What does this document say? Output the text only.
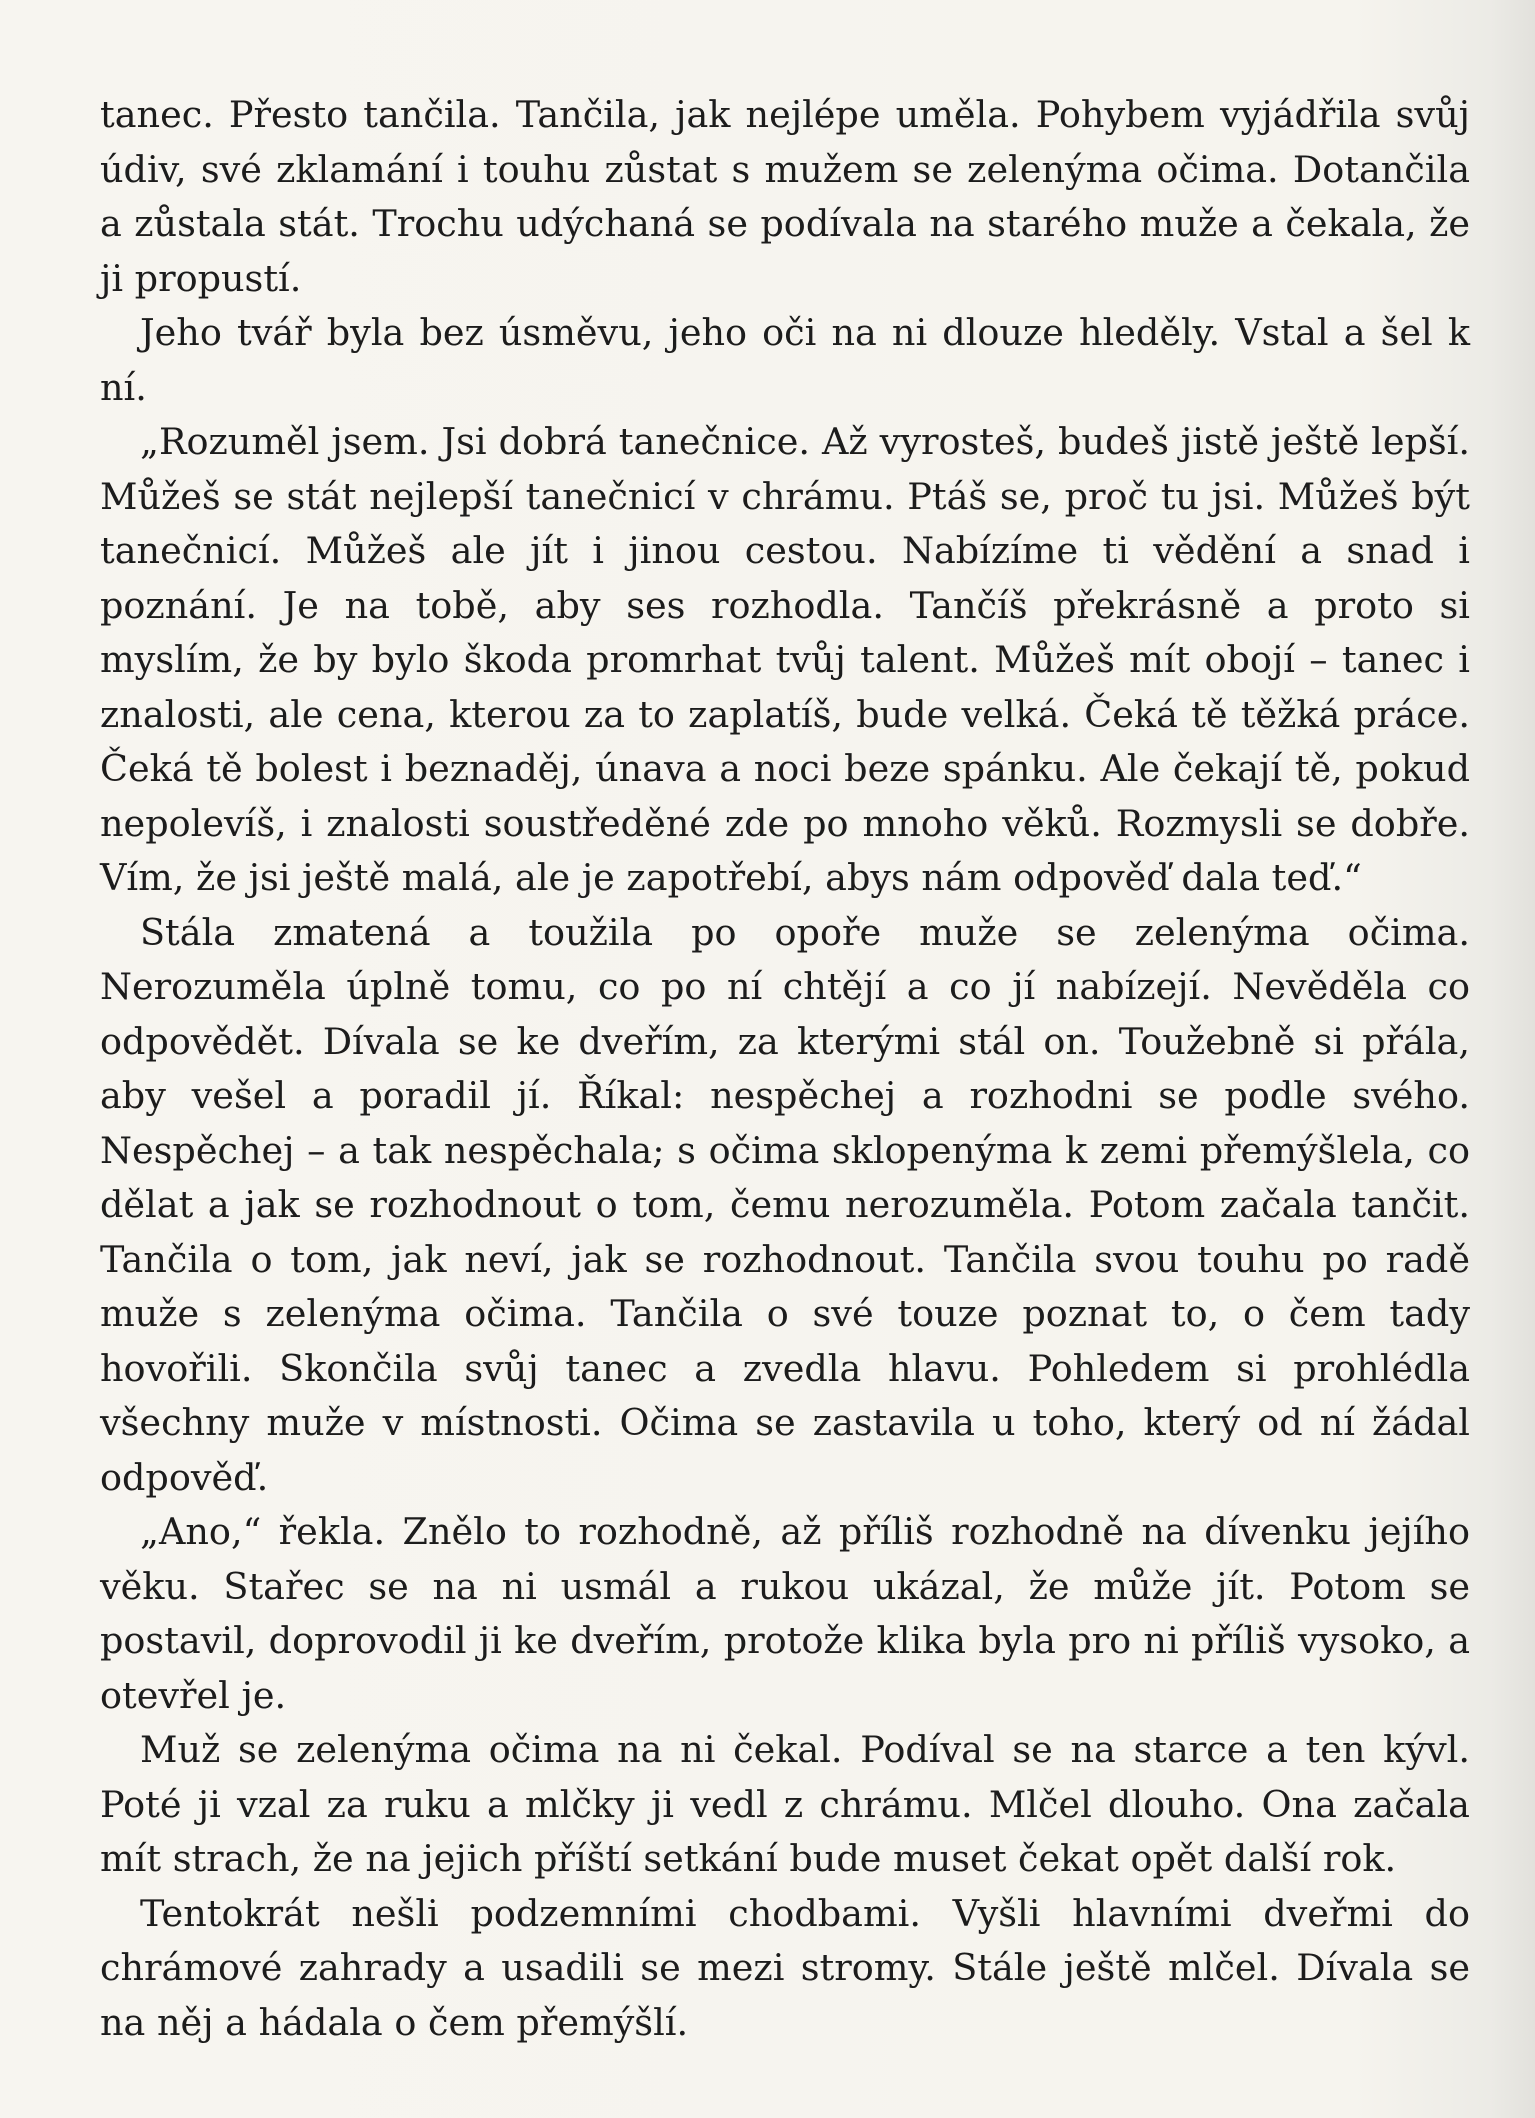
tanec. Přesto tančila. Tančila, jak nejlépe uměla. Pohybem vyjádřila svůj údiv, své zklamání i touhu zůstat s mužem se zelenýma očima. Dotančila a zůstala stát. Trochu udýchaná se podívala na starého muže a čekala, že ji propustí.

Jeho tvář byla bez úsměvu, jeho oči na ni dlouze hleděly. Vstal a šel k ní.

„Rozuměl jsem. Jsi dobrá tanečnice. Až vyrosteš, budeš jistě ještě lepší. Můžeš se stát nejlepší tanečnicí v chrámu. Ptáš se, proč tu jsi. Můžeš být tanečnicí. Můžeš ale jít i jinou cestou. Nabízíme ti vědění a snad i poznání. Je na tobě, aby ses rozhodla. Tančíš překrásně a proto si myslím, že by bylo škoda promrhat tvůj talent. Můžeš mít obojí – tanec i znalosti, ale cena, kterou za to zaplatíš, bude velká. Čeká tě těžká práce. Čeká tě bolest i beznaděj, únava a noci beze spánku. Ale čekají tě, pokud nepolevíš, i znalosti soustředěné zde po mnoho věků. Rozmysli se dobře. Vím, že jsi ještě malá, ale je zapotřebí, abys nám odpověď dala teď.“

Stála zmatená a toužila po opoře muže se zelenýma očima. Nerozuměla úplně tomu, co po ní chtějí a co jí nabízejí. Nevěděla co odpovědět. Dívala se ke dveřím, za kterými stál on. Toužebně si přála, aby vešel a poradil jí. Říkal: nespěchej a rozhodni se podle svého. Nespěchej – a tak nespěchala; s očima sklopenýma k zemi přemýšlela, co dělat a jak se rozhodnout o tom, čemu nerozuměla. Potom začala tančit. Tančila o tom, jak neví, jak se rozhodnout. Tančila svou touhu po radě muže s zelenýma očima. Tančila o své touze poznat to, o čem tady hovořili. Skončila svůj tanec a zvedla hlavu. Pohledem si prohlédla všechny muže v místnosti. Očima se zastavila u toho, který od ní žádal odpověď.

„Ano,“ řekla. Znělo to rozhodně, až příliš rozhodně na dívenku jejího věku. Stařec se na ni usmál a rukou ukázal, že může jít. Potom se postavil, doprovodil ji ke dveřím, protože klika byla pro ni příliš vysoko, a otevřel je.

Muž se zelenýma očima na ni čekal. Podíval se na starce a ten kývl. Poté ji vzal za ruku a mlčky ji vedl z chrámu. Mlčel dlouho. Ona začala mít strach, že na jejich příští setkání bude muset čekat opět další rok.

Tentokrát nešli podzemními chodbami. Vyšli hlavními dveřmi do chrámové zahrady a usadili se mezi stromy. Stále ještě mlčel. Dívala se na něj a hádala o čem přemýšlí.
